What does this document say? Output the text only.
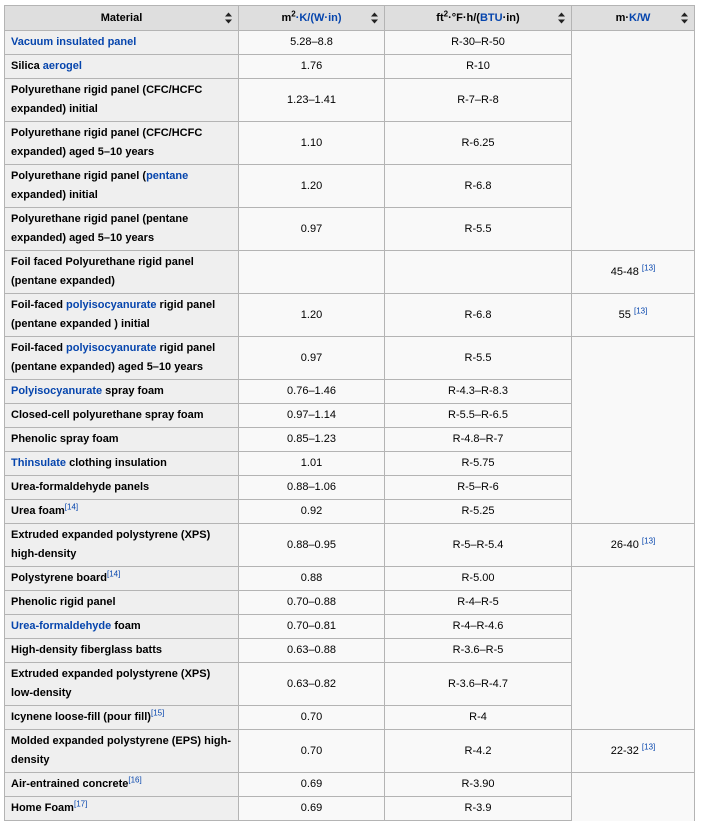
Material	$m^2\cdot K/(W\cdot in)$	$ft^2\cdot^\circ F\cdot h/(BTU\cdot in)$	m·K/W

Vacuum insulated panel	5.28–8.8	R-30–R-50	
Silica aerogel	1.76	R-10	
Polyurethane rigid panel (CFC/HCFC expanded) initial	1.23–1.41	R-7–R-8	
Polyurethane rigid panel (CFC/HCFC expanded) aged 5–10 years	1.10	R-6.25	
Polyurethane rigid panel (pentane expanded) initial	1.20	R-6.8	
Polyurethane rigid panel (pentane expanded) aged 5–10 years	0.97	R-5.5	
Foil faced Polyurethane rigid panel (pentane expanded)			45-48 [13]
Foil-faced polyisocyanurate rigid panel (pentane expanded ) initial	1.20	R-6.8	55 [13]
Foil-faced polyisocyanurate rigid panel (pentane expanded) aged 5–10 years	0.97	R-5.5	
Polyisocyanurate spray foam	0.76–1.46	R-4.3–R-8.3	
Closed-cell polyurethane spray foam	0.97–1.14	R-5.5–R-6.5	
Phenolic spray foam	0.85–1.23	R-4.8–R-7	
Thinsulate clothing insulation	1.01	R-5.75	
Urea-formaldehyde panels	0.88–1.06	R-5–R-6	
Urea foam[14]	0.92	R-5.25	
Extruded expanded polystyrene (XPS) high-density	0.88–0.95	R-5–R-5.4	26-40 [13]
Polystyrene board[14]	0.88	R-5.00	
Phenolic rigid panel	0.70–0.88	R-4–R-5	
Urea-formaldehyde foam	0.70–0.81	R-4–R-4.6	
High-density fiberglass batts	0.63–0.88	R-3.6–R-5	
Extruded expanded polystyrene (XPS) low-density	0.63–0.82	R-3.6–R-4.7	
Icynene loose-fill (pour fill)[15]	0.70	R-4	
Molded expanded polystyrene (EPS) high-density	0.70	R-4.2	22-32 [13]
Air-entrained concrete[16]	0.69	R-3.90	
Home Foam[17]	0.69	R-3.9	
